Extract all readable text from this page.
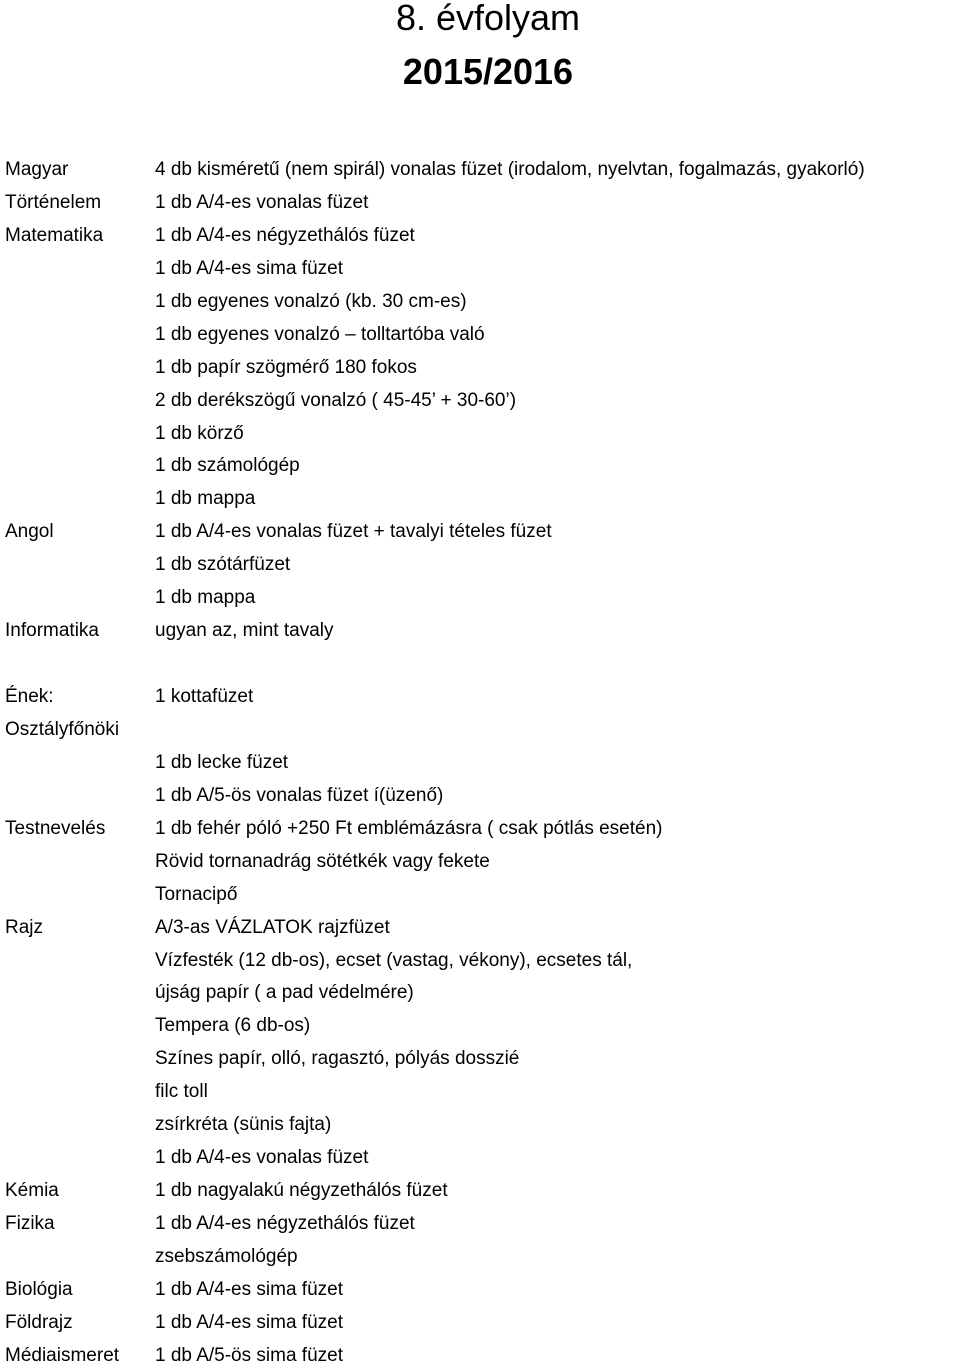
8. évfolyam
2015/2016
Magyar	4 db kisméretű (nem spirál) vonalas füzet (irodalom, nyelvtan, fogalmazás, gyakorló)
Történelem	1 db A/4-es vonalas füzet
Matematika	1 db A/4-es négyzethálós füzet
1 db A/4-es sima füzet
1 db egyenes vonalzó (kb. 30 cm-es)
1 db egyenes vonalzó – tolltartóba való
1 db papír szögmérő 180 fokos
2 db derékszögű vonalzó ( 45-45’ + 30-60’)
1 db körző
1 db számológép
1 db mappa
Angol	1 db A/4-es vonalas füzet + tavalyi tételes füzet
1 db szótárfüzet
1 db mappa
Informatika	ugyan az, mint tavaly
Ének:	1 kottafüzet
Osztályfőnöki
1 db lecke füzet
1 db A/5-ös vonalas füzet í(üzenő)
Testnevelés	1 db fehér póló +250 Ft emblémázásra ( csak pótlás esetén)
Rövid tornanadrág sötétkék vagy fekete
Tornacipő
Rajz	A/3-as VÁZLATOK rajzfüzet
Vízfesték (12 db-os), ecset (vastag, vékony), ecsetes tál,
újság papír ( a pad védelmére)
Tempera (6 db-os)
Színes papír, olló, ragasztó, pólyás dosszié
filc toll
zsírkréta (sünis fajta)
1 db A/4-es vonalas füzet
Kémia	1 db nagyalakú négyzethálós füzet
Fizika	1 db A/4-es négyzethálós füzet
zsebszámológép
Biológia	1 db A/4-es sima füzet
Földrajz	1 db A/4-es sima füzet
Médiaismeret	1 db A/5-ös sima füzet
